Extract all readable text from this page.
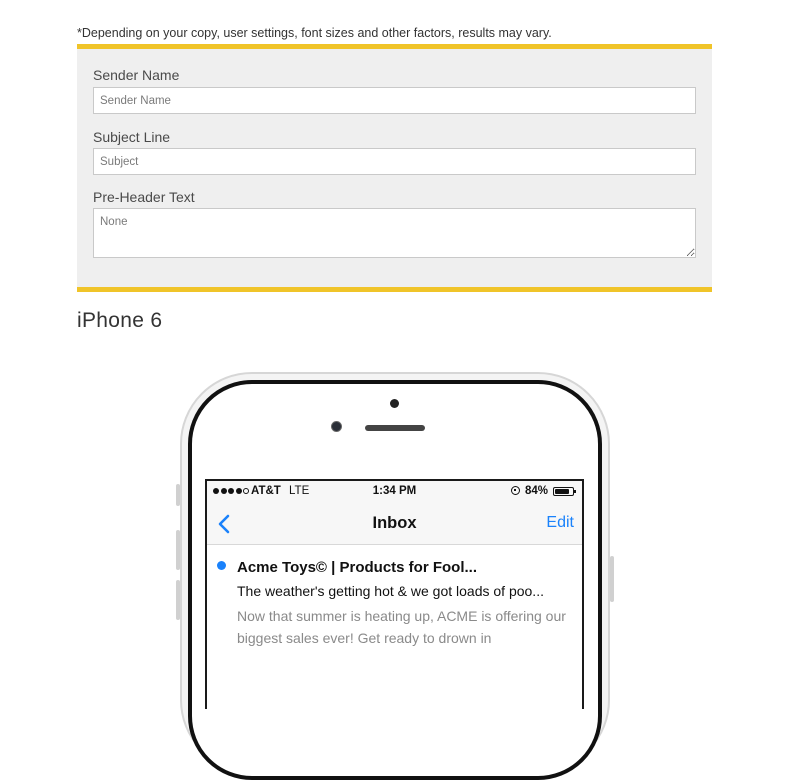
*Depending on your copy, user settings, font sizes and other factors, results may vary.
Sender Name
Sender Name
Subject Line
Subject
Pre-Header Text
None
iPhone 6
AT&T LTE	1:34 PM	84%
Inbox	Edit
Acme Toys© | Products for Fool...
The weather's getting hot & we got loads of poo...
Now that summer is heating up, ACME is offering our biggest sales ever! Get ready to drown in
